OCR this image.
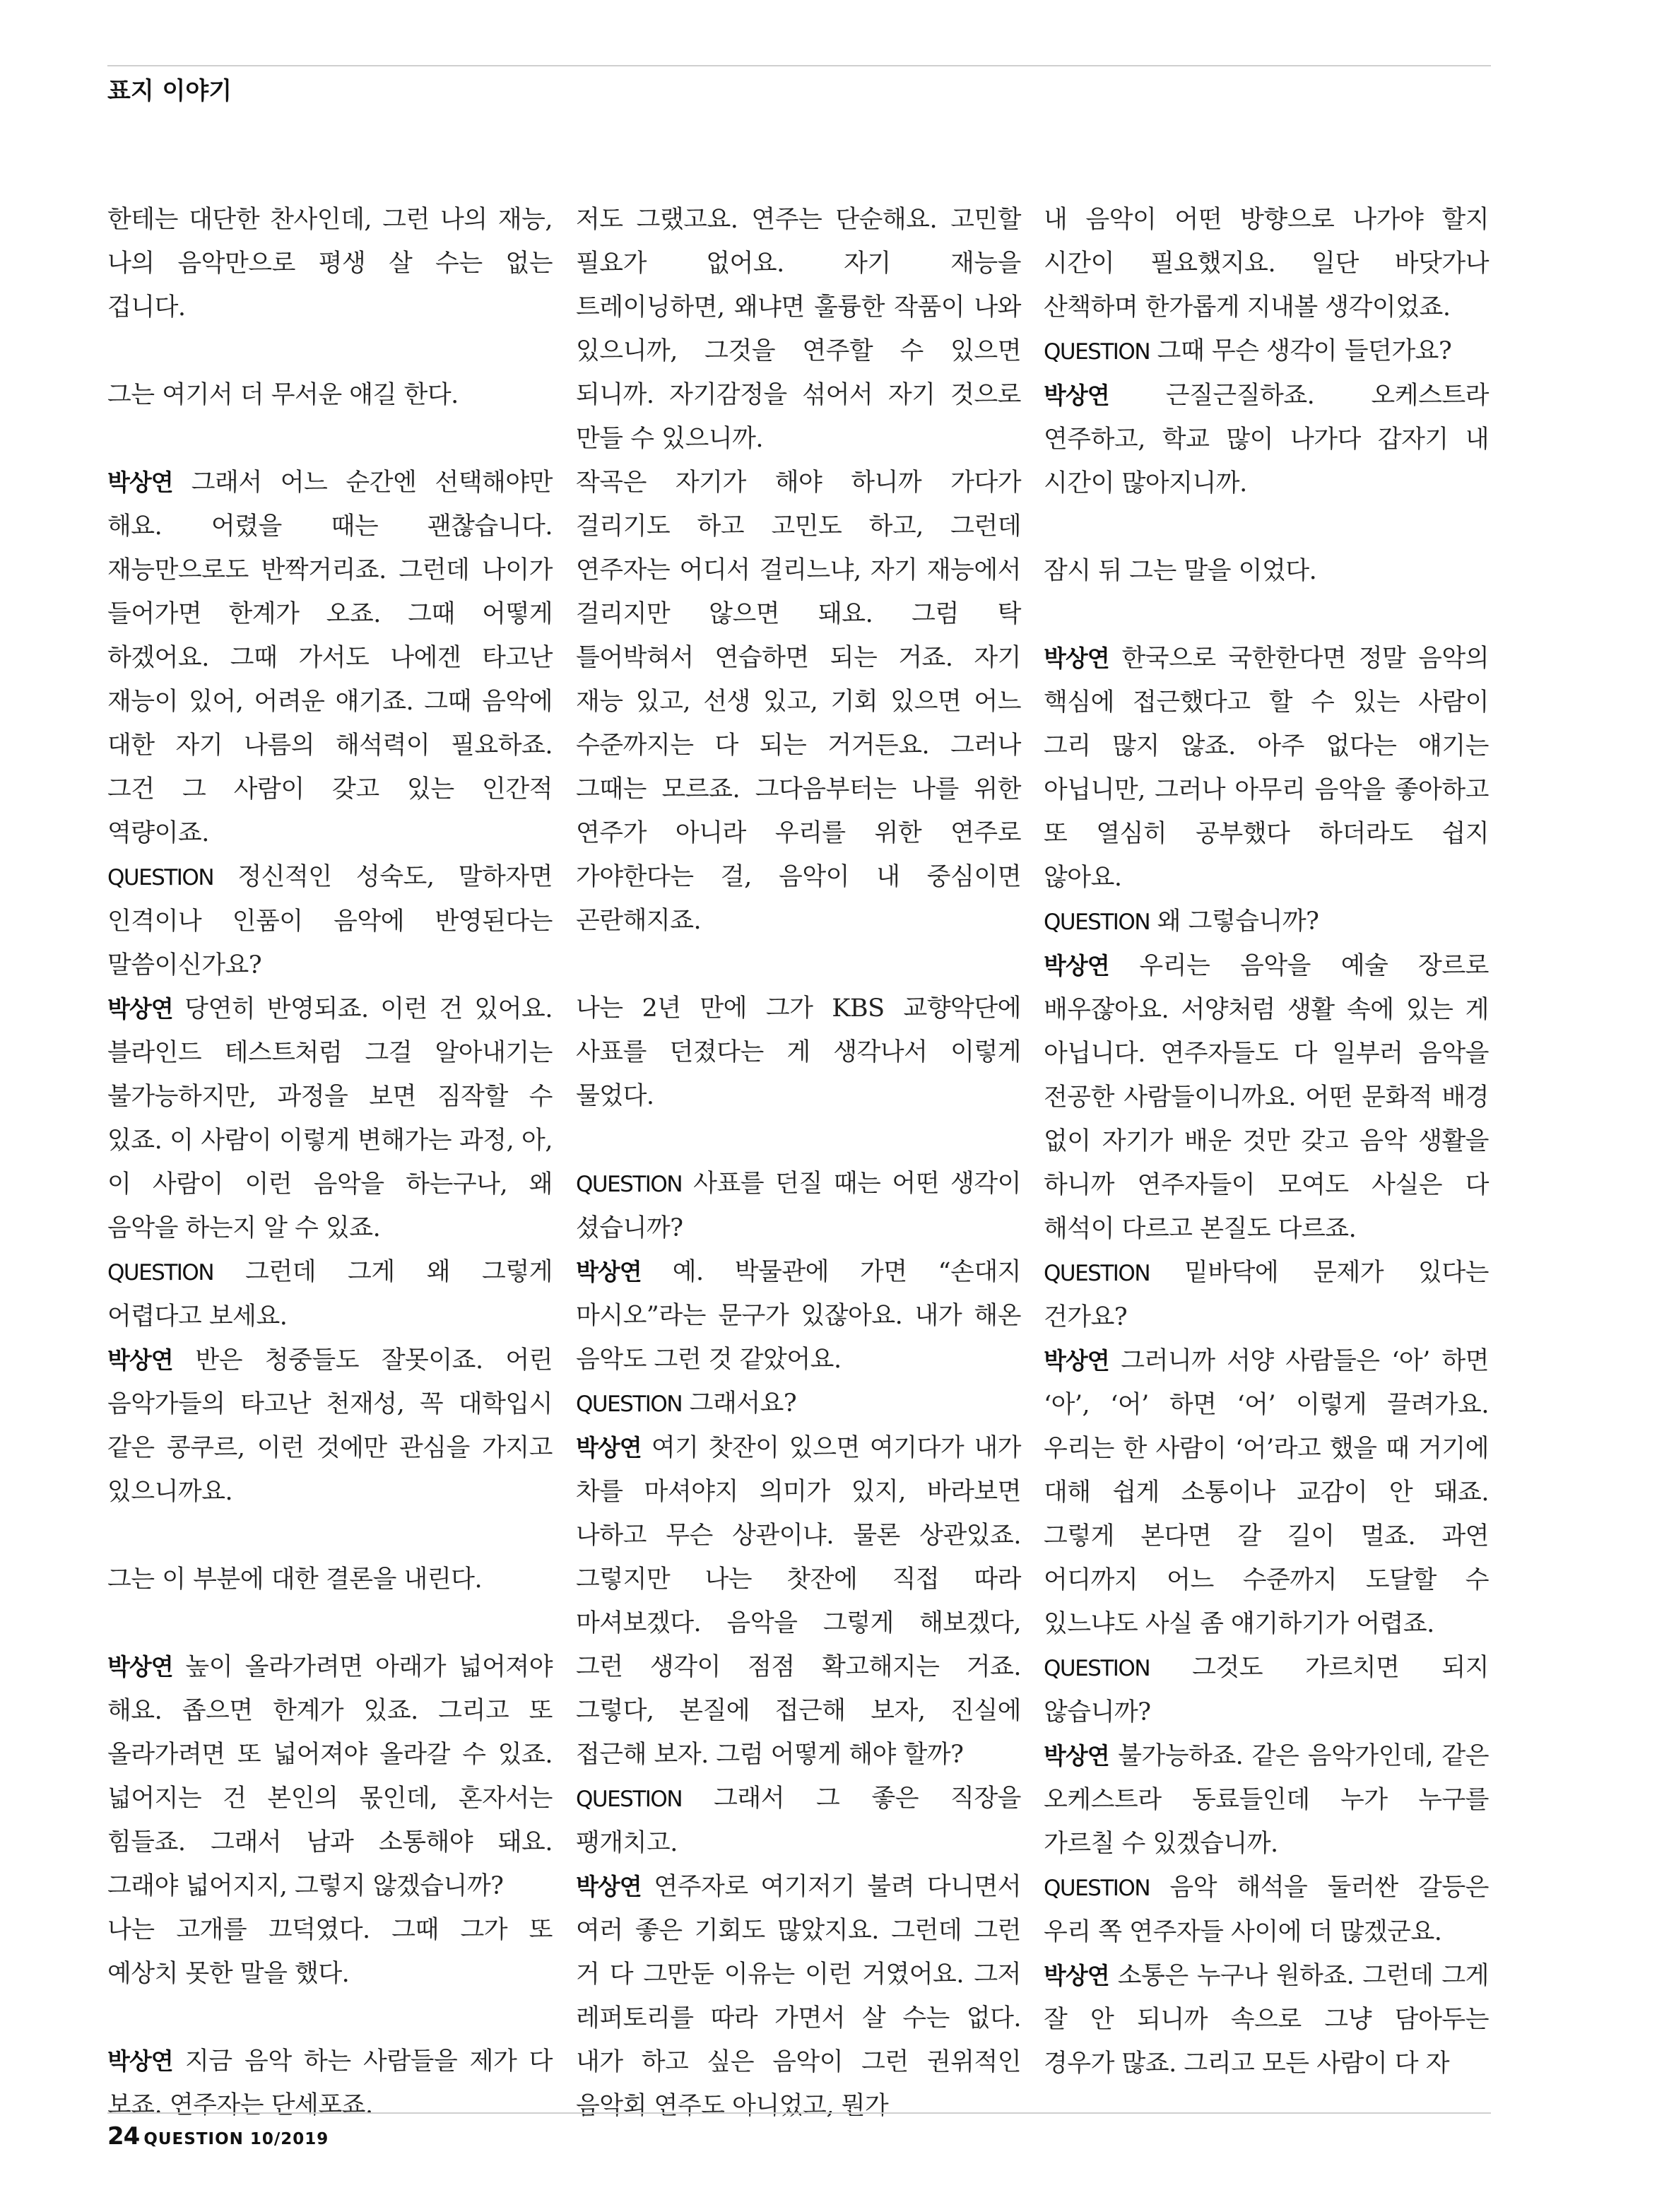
표지 이야기

한테는 대단한 찬사인데, 그런 나의 재능, 나의 음악만으로 평생 살 수는 없는 겁니다.

그는 여기서 더 무서운 얘길 한다.

박상연 그래서 어느 순간엔 선택해야만 해요. 어렸을 때는 괜찮습니다. 재능만으로도 반짝거리죠. 그런데 나이가 들어가면 한계가 오죠. 그때 어떻게 하겠어요. 그때 가서도 나에겐 타고난 재능이 있어, 어려운 얘기죠. 그때 음악에 대한 자기 나름의 해석력이 필요하죠. 그건 그 사람이 갖고 있는 인간적 역량이죠.

QUESTION 정신적인 성숙도, 말하자면 인격이나 인품이 음악에 반영된다는 말씀이신가요?

박상연 당연히 반영되죠. 이런 건 있어요. 블라인드 테스트처럼 그걸 알아내기는 불가능하지만, 과정을 보면 짐작할 수 있죠. 이 사람이 이렇게 변해가는 과정, 아, 이 사람이 이런 음악을 하는구나, 왜 음악을 하는지 알 수 있죠.

QUESTION 그런데 그게 왜 그렇게 어렵다고 보세요.

박상연 반은 청중들도 잘못이죠. 어린 음악가들의 타고난 천재성, 꼭 대학입시 같은 콩쿠르, 이런 것에만 관심을 가지고 있으니까요.

그는 이 부분에 대한 결론을 내린다.

박상연 높이 올라가려면 아래가 넓어져야 해요. 좁으면 한계가 있죠. 그리고 또 올라가려면 또 넓어져야 올라갈 수 있죠. 넓어지는 건 본인의 몫인데, 혼자서는 힘들죠. 그래서 남과 소통해야 돼요. 그래야 넓어지지, 그렇지 않겠습니까?

나는 고개를 끄덕였다. 그때 그가 또 예상치 못한 말을 했다.

박상연 지금 음악 하는 사람들을 제가 다 보죠. 연주자는 단세포죠.

저도 그랬고요. 연주는 단순해요. 고민할 필요가 없어요. 자기 재능을 트레이닝하면, 왜냐면 훌륭한 작품이 나와 있으니까, 그것을 연주할 수 있으면 되니까. 자기감정을 섞어서 자기 것으로 만들 수 있으니까.

작곡은 자기가 해야 하니까 가다가 걸리기도 하고 고민도 하고, 그런데 연주자는 어디서 걸리느냐, 자기 재능에서 걸리지만 않으면 돼요. 그럼 탁 틀어박혀서 연습하면 되는 거죠. 자기 재능 있고, 선생 있고, 기회 있으면 어느 수준까지는 다 되는 거거든요. 그러나 그때는 모르죠. 그다음부터는 나를 위한 연주가 아니라 우리를 위한 연주로 가야한다는 걸, 음악이 내 중심이면 곤란해지죠.

나는 2년 만에 그가 KBS 교향악단에 사표를 던졌다는 게 생각나서 이렇게 물었다.

QUESTION 사표를 던질 때는 어떤 생각이 셨습니까?

박상연 예. 박물관에 가면 “손대지 마시오”라는 문구가 있잖아요. 내가 해온 음악도 그런 것 같았어요.

QUESTION 그래서요?

박상연 여기 찻잔이 있으면 여기다가 내가 차를 마셔야지 의미가 있지, 바라보면 나하고 무슨 상관이냐. 물론 상관있죠. 그렇지만 나는 찻잔에 직접 따라 마셔보겠다. 음악을 그렇게 해보겠다, 그런 생각이 점점 확고해지는 거죠. 그렇다, 본질에 접근해 보자, 진실에 접근해 보자. 그럼 어떻게 해야 할까?

QUESTION 그래서 그 좋은 직장을 팽개치고.

박상연 연주자로 여기저기 불려 다니면서 여러 좋은 기회도 많았지요. 그런데 그런 거 다 그만둔 이유는 이런 거였어요. 그저 레퍼토리를 따라 가면서 살 수는 없다. 내가 하고 싶은 음악이 그런 권위적인 음악회 연주도 아니었고, 뭔가

내 음악이 어떤 방향으로 나가야 할지 시간이 필요했지요. 일단 바닷가나 산책하며 한가롭게 지내볼 생각이었죠.

QUESTION 그때 무슨 생각이 들던가요?

박상연 근질근질하죠. 오케스트라 연주하고, 학교 많이 나가다 갑자기 내 시간이 많아지니까.

잠시 뒤 그는 말을 이었다.

박상연 한국으로 국한한다면 정말 음악의 핵심에 접근했다고 할 수 있는 사람이 그리 많지 않죠. 아주 없다는 얘기는 아닙니만, 그러나 아무리 음악을 좋아하고 또 열심히 공부했다 하더라도 쉽지 않아요.

QUESTION 왜 그렇습니까?

박상연 우리는 음악을 예술 장르로 배우잖아요. 서양처럼 생활 속에 있는 게 아닙니다. 연주자들도 다 일부러 음악을 전공한 사람들이니까요. 어떤 문화적 배경 없이 자기가 배운 것만 갖고 음악 생활을 하니까 연주자들이 모여도 사실은 다 해석이 다르고 본질도 다르죠.

QUESTION 밑바닥에 문제가 있다는 건가요?

박상연 그러니까 서양 사람들은 ‘아’ 하면 ‘아’, ‘어’ 하면 ‘어’ 이렇게 끌려가요. 우리는 한 사람이 ‘어’라고 했을 때 거기에 대해 쉽게 소통이나 교감이 안 돼죠. 그렇게 본다면 갈 길이 멀죠. 과연 어디까지 어느 수준까지 도달할 수 있느냐도 사실 좀 얘기하기가 어렵죠.

QUESTION 그것도 가르치면 되지 않습니까?

박상연 불가능하죠. 같은 음악가인데, 같은 오케스트라 동료들인데 누가 누구를 가르칠 수 있겠습니까.

QUESTION 음악 해석을 둘러싼 갈등은 우리 쪽 연주자들 사이에 더 많겠군요.

박상연 소통은 누구나 원하죠. 그런데 그게 잘 안 되니까 속으로 그냥 담아두는 경우가 많죠. 그리고 모든 사람이 다 자

24 QUESTION 10/2019
